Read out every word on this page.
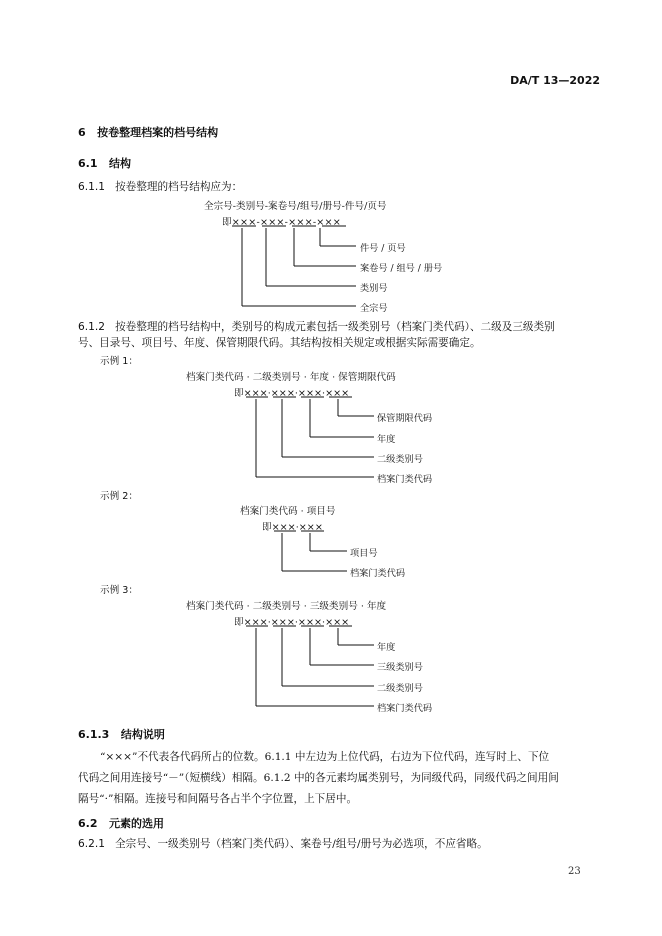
DA/T 13—2022
6 按卷整理档案的档号结构
6.1 结构
6.1.1 按卷整理的档号结构应为：
全宗号-类别号-案卷号/组号/册号-件号/页号
即×××-×××-×××-×××
件号 / 页号
案卷号 / 组号 / 册号
类别号
全宗号
6.1.2 按卷整理的档号结构中，类别号的构成元素包括一级类别号（档案门类代码）、二级及三级类别
号、目录号、项目号、年度、保管期限代码。其结构按相关规定或根据实际需要确定。
示例 1：
档案门类代码 · 二级类别号 · 年度 · 保管期限代码
即×××·×××·×××·×××
保管期限代码
年度
二级类别号
档案门类代码
示例 2：
档案门类代码 · 项目号
即×××·×××
项目号
档案门类代码
示例 3：
档案门类代码 · 二级类别号 · 三级类别号 · 年度
即×××·×××·×××·×××
年度
三级类别号
二级类别号
档案门类代码
6.1.3 结构说明
“×××”不代表各代码所占的位数。6.1.1 中左边为上位代码，右边为下位代码，连写时上、下位
代码之间用连接号“－”（短横线）相隔。6.1.2 中的各元素均属类别号，为同级代码，同级代码之间用间
隔号“·”相隔。连接号和间隔号各占半个字位置，上下居中。
6.2 元素的选用
6.2.1 全宗号、一级类别号（档案门类代码）、案卷号/组号/册号为必选项，不应省略。
23
